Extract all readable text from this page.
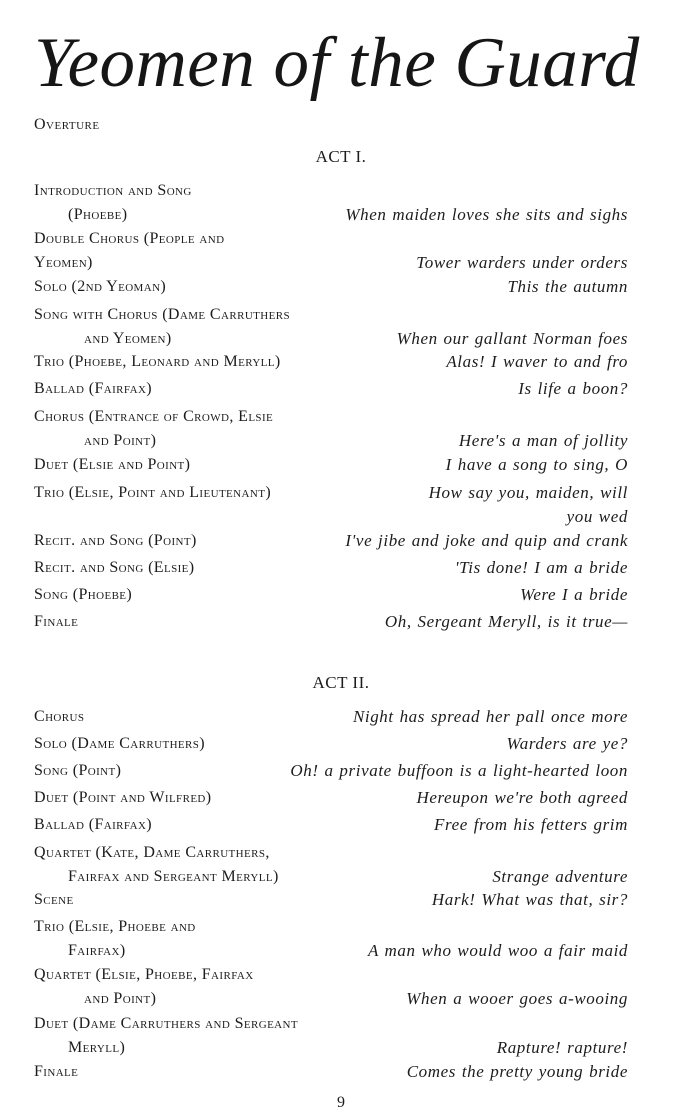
Yeomen of the Guard
Overture
ACT I.
ACT II.
Introduction and Song
(Phoebe)	When maiden loves she sits and sighs
Double Chorus (People and
Yeomen)	Tower warders under orders
Solo (2nd Yeoman)	This the autumn
Song with Chorus (Dame Carruthers
and Yeomen)	When our gallant Norman foes
Trio (Phoebe, Leonard and Meryll)	Alas! I waver to and fro
Ballad (Fairfax)	Is life a boon?
Chorus (Entrance of Crowd, Elsie
and Point)	Here's a man of jollity
Duet (Elsie and Point)	I have a song to sing, O
Trio (Elsie, Point and Lieutenant)	How say you, maiden, will
you wed
Recit. and Song (Point)	I've jibe and joke and quip and crank
Recit. and Song (Elsie)	'Tis done! I am a bride
Song (Phoebe)	Were I a bride
Finale	Oh, Sergeant Meryll, is it true—
Chorus	Night has spread her pall once more
Solo (Dame Carruthers)	Warders are ye?
Song (Point)	Oh! a private buffoon is a light-hearted loon
Duet (Point and Wilfred)	Hereupon we're both agreed
Ballad (Fairfax)	Free from his fetters grim
Quartet (Kate, Dame Carruthers,
Fairfax and Sergeant Meryll)	Strange adventure
Scene	Hark! What was that, sir?
Trio (Elsie, Phoebe and
Fairfax)	A man who would woo a fair maid
Quartet (Elsie, Phoebe, Fairfax
and Point)	When a wooer goes a-wooing
Duet (Dame Carruthers and Sergeant
Meryll)	Rapture! rapture!
Finale	Comes the pretty young bride
9
